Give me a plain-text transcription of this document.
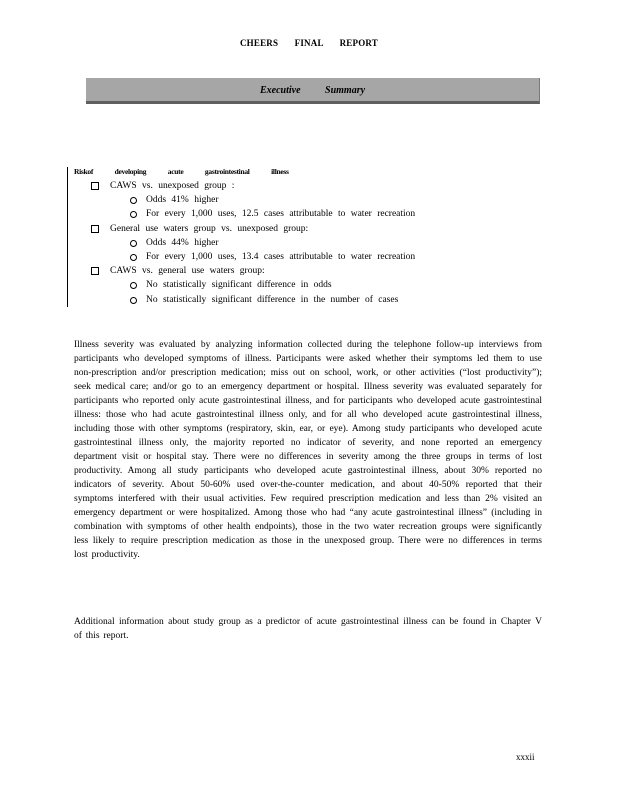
CHEERS FINAL REPORT
Executive Summary
Riskof developing acute gastrointestinal illness
CAWS vs. unexposed group :
Odds 41% higher
For every 1,000 uses, 12.5 cases attributable to water recreation
General use waters group vs. unexposed group:
Odds 44% higher
For every 1,000 uses, 13.4 cases attributable to water recreation
CAWS vs. general use waters group:
No statistically significant difference in odds
No statistically significant difference in the number of cases

Illness severity was evaluated by analyzing information collected during the telephone follow-up interviews from participants who developed symptoms of illness. Participants were asked whether their symptoms led them to use non-prescription and/or prescription medication; miss out on school, work, or other activities (“lost productivity”); seek medical care; and/or go to an emergency department or hospital. Illness severity was evaluated separately for participants who reported only acute gastrointestinal illness, and for participants who developed acute gastrointestinal illness: those who had acute gastrointestinal illness only, and for all who developed acute gastrointestinal illness, including those with other symptoms (respiratory, skin, ear, or eye). Among study participants who developed acute gastrointestinal illness only, the majority reported no indicator of severity, and none reported an emergency department visit or hospital stay. There were no differences in severity among the three groups in terms of lost productivity. Among all study participants who developed acute gastrointestinal illness, about 30% reported no indicators of severity. About 50-60% used over-the-counter medication, and about 40-50% reported that their symptoms interfered with their usual activities. Few required prescription medication and less than 2% visited an emergency department or were hospitalized. Among those who had “any acute gastrointestinal illness” (including in combination with symptoms of other health endpoints), those in the two water recreation groups were significantly less likely to require prescription medication as those in the unexposed group. There were no differences in terms lost productivity.

Additional information about study group as a predictor of acute gastrointestinal illness can be found in Chapter V of this report.

xxxii
